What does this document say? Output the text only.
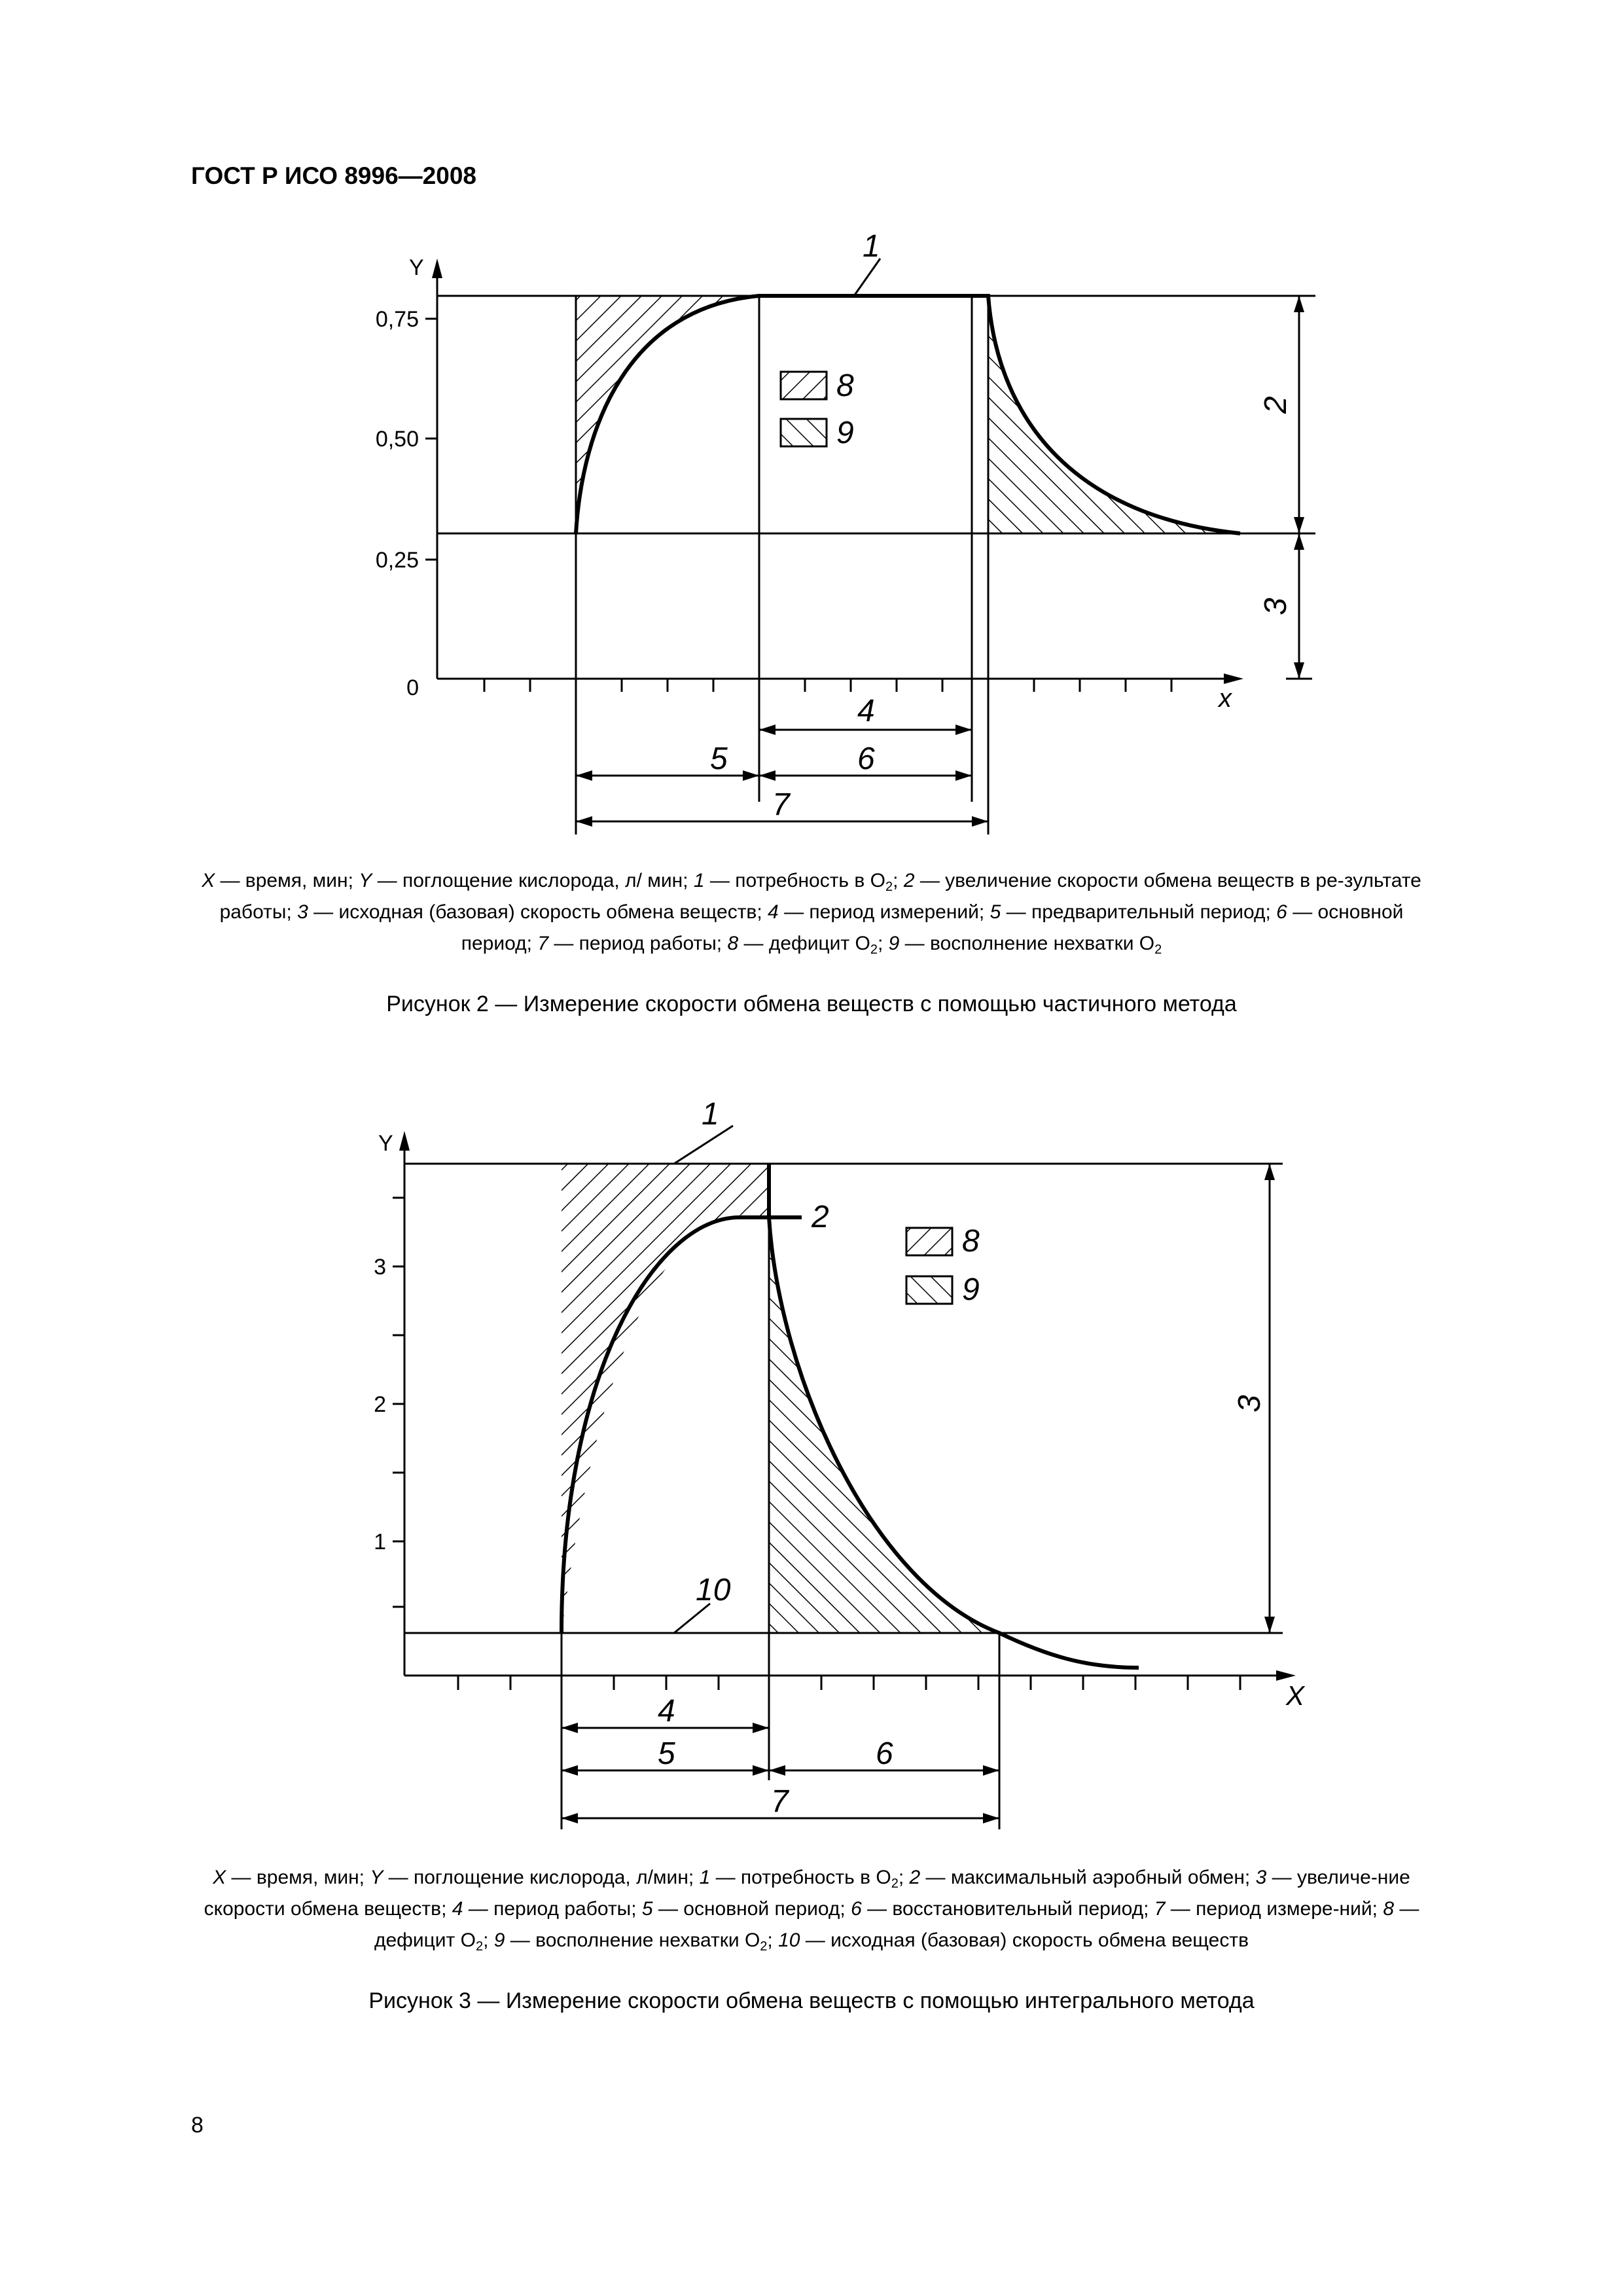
ГОСТ Р ИСО 8996—2008
Y
x
0
0,25
0,50
0,75
1
2
3
4
5	6
7
8
9
X — время, мин; Y — поглощение кислорода, л/ мин; 1 — потребность в $O_2$; 2 — увеличение скорости обмена веществ в ре-зультате работы; 3 — исходная (базовая) скорость обмена веществ; 4 — период измерений; 5 — предварительный период; 6 — основной период; 7 — период работы; 8 — дефицит $O_2$; 9 — восполнение нехватки $O_2$
Рисунок 2 — Измерение скорости обмена веществ с помощью частичного метода
Y
X
1
2
3
1
2
3
4
5	6
7
10
8
9
X — время, мин; Y — поглощение кислорода, л/мин; 1 — потребность в $O_2$; 2 — максимальный аэробный обмен; 3 — увеличе-ние скорости обмена веществ; 4 — период работы; 5 — основной период; 6 — восстановительный период; 7 — период измере-ний; 8 — дефицит $O_2$; 9 — восполнение нехватки $O_2$; 10 — исходная (базовая) скорость обмена веществ
Рисунок 3 — Измерение скорости обмена веществ с помощью интегрального метода
8
